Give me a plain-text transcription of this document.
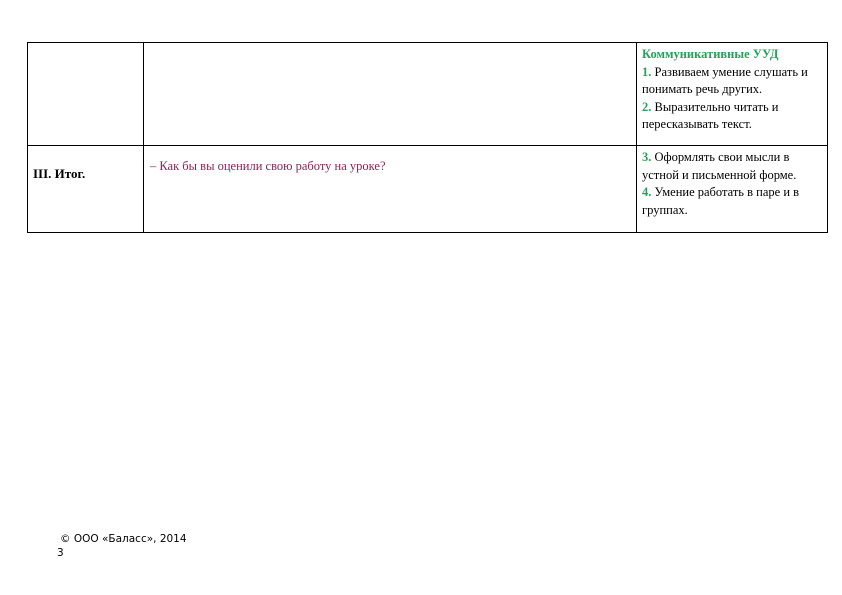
		Коммуникативные УУД
1. Развиваем умение слушать и понимать речь других.
2. Выразительно читать и пересказывать текст.

III. Итог.	– Как бы вы оценили свою работу на уроке?	3. Оформлять свои мысли в устной и письменной форме.
4. Умение работать в паре и в группах.
© ООО «Баласс», 2014
3
